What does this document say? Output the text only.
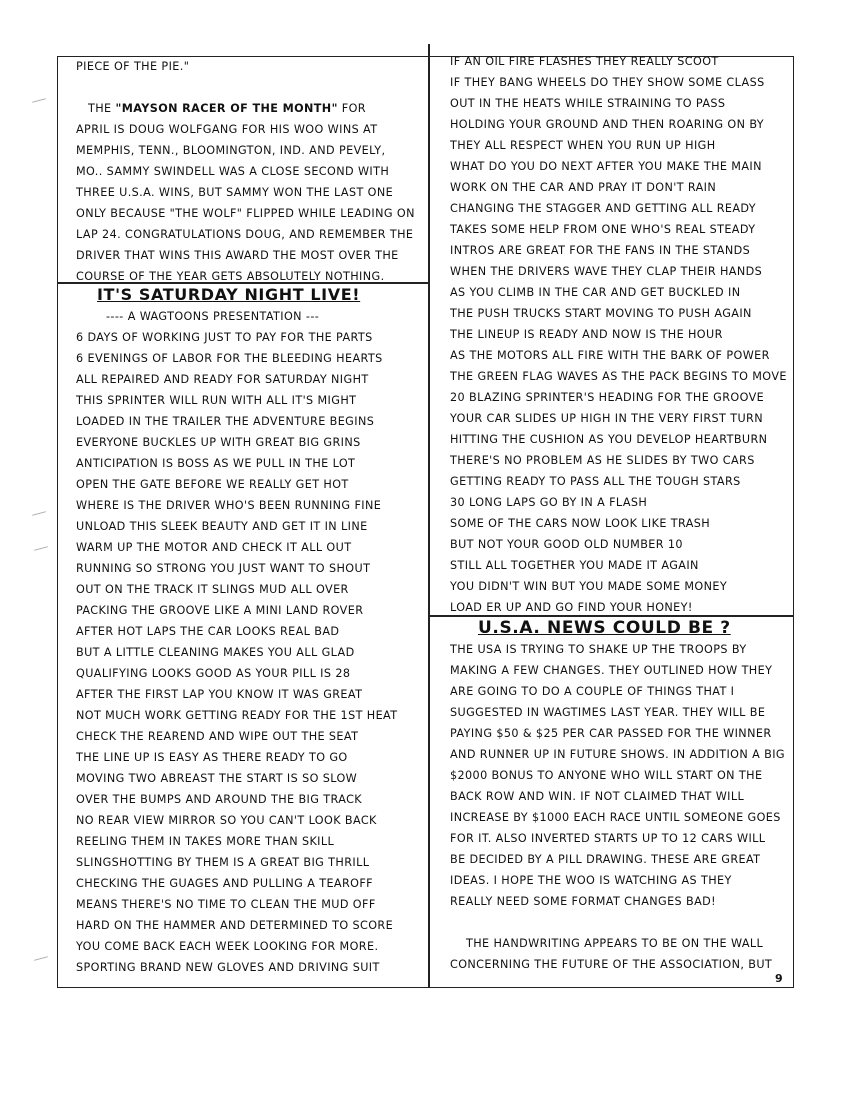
PIECE OF THE PIE."
THE "MAYSON RACER OF THE MONTH" FOR
APRIL IS DOUG WOLFGANG FOR HIS WOO WINS AT
MEMPHIS, TENN., BLOOMINGTON, IND. AND PEVELY,
MO.. SAMMY SWINDELL WAS A CLOSE SECOND WITH
THREE U.S.A. WINS, BUT SAMMY WON THE LAST ONE
ONLY BECAUSE "THE WOLF" FLIPPED WHILE LEADING ON
LAP 24. CONGRATULATIONS DOUG, AND REMEMBER THE
DRIVER THAT WINS THIS AWARD THE MOST OVER THE
COURSE OF THE YEAR GETS ABSOLUTELY NOTHING.
IT'S SATURDAY NIGHT LIVE!
---- A WAGTOONS PRESENTATION ---
6 DAYS OF WORKING JUST TO PAY FOR THE PARTS
6 EVENINGS OF LABOR FOR THE BLEEDING HEARTS
ALL REPAIRED AND READY FOR SATURDAY NIGHT
THIS SPRINTER WILL RUN WITH ALL IT'S MIGHT
LOADED IN THE TRAILER THE ADVENTURE BEGINS
EVERYONE BUCKLES UP WITH GREAT BIG GRINS
ANTICIPATION IS BOSS AS WE PULL IN THE LOT
OPEN THE GATE BEFORE WE REALLY GET HOT
WHERE IS THE DRIVER WHO'S BEEN RUNNING FINE
UNLOAD THIS SLEEK BEAUTY AND GET IT IN LINE
WARM UP THE MOTOR AND CHECK IT ALL OUT
RUNNING SO STRONG YOU JUST WANT TO SHOUT
OUT ON THE TRACK IT SLINGS MUD ALL OVER
PACKING THE GROOVE LIKE A MINI LAND ROVER
AFTER HOT LAPS THE CAR LOOKS REAL BAD
BUT A LITTLE CLEANING MAKES YOU ALL GLAD
QUALIFYING LOOKS GOOD AS YOUR PILL IS 28
AFTER THE FIRST LAP YOU KNOW IT WAS GREAT
NOT MUCH WORK GETTING READY FOR THE 1ST HEAT
CHECK THE REAREND AND WIPE OUT THE SEAT
THE LINE UP IS EASY AS THERE READY TO GO
MOVING TWO ABREAST THE START IS SO SLOW
OVER THE BUMPS AND AROUND THE BIG TRACK
NO REAR VIEW MIRROR SO YOU CAN'T LOOK BACK
REELING THEM IN TAKES MORE THAN SKILL
SLINGSHOTTING BY THEM IS A GREAT BIG THRILL
CHECKING THE GUAGES AND PULLING A TEAROFF
MEANS THERE'S NO TIME TO CLEAN THE MUD OFF
HARD ON THE HAMMER AND DETERMINED TO SCORE
YOU COME BACK EACH WEEK LOOKING FOR MORE.
SPORTING BRAND NEW GLOVES AND DRIVING SUIT
IF AN OIL FIRE FLASHES THEY REALLY SCOOT
IF THEY BANG WHEELS DO THEY SHOW SOME CLASS
OUT IN THE HEATS WHILE STRAINING TO PASS
HOLDING YOUR GROUND AND THEN ROARING ON BY
THEY ALL RESPECT WHEN YOU RUN UP HIGH
WHAT DO YOU DO NEXT AFTER YOU MAKE THE MAIN
WORK ON THE CAR AND PRAY IT DON'T RAIN
CHANGING THE STAGGER AND GETTING ALL READY
TAKES SOME HELP FROM ONE WHO'S REAL STEADY
INTROS ARE GREAT FOR THE FANS IN THE STANDS
WHEN THE DRIVERS WAVE THEY CLAP THEIR HANDS
AS YOU CLIMB IN THE CAR AND GET BUCKLED IN
THE PUSH TRUCKS START MOVING TO PUSH AGAIN
THE LINEUP IS READY AND NOW IS THE HOUR
AS THE MOTORS ALL FIRE WITH THE BARK OF POWER
THE GREEN FLAG WAVES AS THE PACK BEGINS TO MOVE
20 BLAZING SPRINTER'S HEADING FOR THE GROOVE
YOUR CAR SLIDES UP HIGH IN THE VERY FIRST TURN
HITTING THE CUSHION AS YOU DEVELOP HEARTBURN
THERE'S NO PROBLEM AS HE SLIDES BY TWO CARS
GETTING READY TO PASS ALL THE TOUGH STARS
30 LONG LAPS GO BY IN A FLASH
SOME OF THE CARS NOW LOOK LIKE TRASH
BUT NOT YOUR GOOD OLD NUMBER 10
STILL ALL TOGETHER YOU MADE IT AGAIN
YOU DIDN'T WIN BUT YOU MADE SOME MONEY
LOAD ER UP AND GO FIND YOUR HONEY!
U.S.A. NEWS COULD BE ?
THE USA IS TRYING TO SHAKE UP THE TROOPS BY
MAKING A FEW CHANGES. THEY OUTLINED HOW THEY
ARE GOING TO DO A COUPLE OF THINGS THAT I
SUGGESTED IN WAGTIMES LAST YEAR. THEY WILL BE
PAYING $50 & $25 PER CAR PASSED FOR THE WINNER
AND RUNNER UP IN FUTURE SHOWS. IN ADDITION A BIG
$2000 BONUS TO ANYONE WHO WILL START ON THE
BACK ROW AND WIN. IF NOT CLAIMED THAT WILL
INCREASE BY $1000 EACH RACE UNTIL SOMEONE GOES
FOR IT. ALSO INVERTED STARTS UP TO 12 CARS WILL
BE DECIDED BY A PILL DRAWING. THESE ARE GREAT
IDEAS. I HOPE THE WOO IS WATCHING AS THEY
REALLY NEED SOME FORMAT CHANGES BAD!
THE HANDWRITING APPEARS TO BE ON THE WALL
CONCERNING THE FUTURE OF THE ASSOCIATION, BUT
9
